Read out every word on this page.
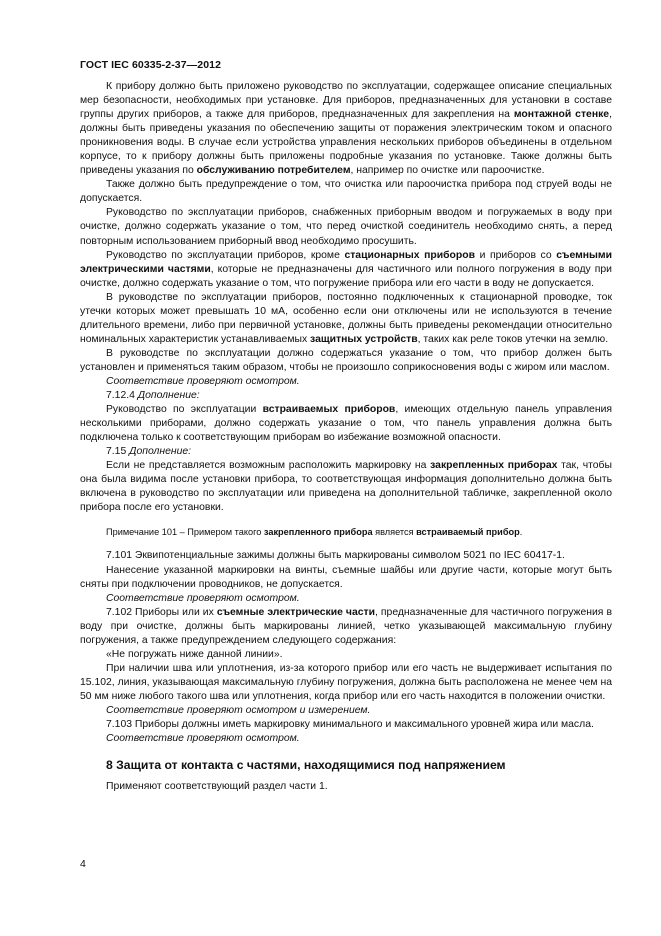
ГОСТ IEC 60335-2-37—2012

К прибору должно быть приложено руководство по эксплуатации, содержащее описание специальных мер безопасности, необходимых при установке. Для приборов, предназначенных для установки в составе группы других приборов, а также для приборов, предназначенных для закрепления на монтажной стенке, должны быть приведены указания по обеспечению защиты от поражения электрическим током и опасного проникновения воды. В случае если устройства управления нескольких приборов объединены в отдельном корпусе, то к прибору должны быть приложены подробные указания по установке. Также должны быть приведены указания по обслуживанию потребителем, например по очистке или пароочистке.

Также должно быть предупреждение о том, что очистка или пароочистка прибора под струей воды не допускается.

Руководство по эксплуатации приборов, снабженных приборным вводом и погружаемых в воду при очистке, должно содержать указание о том, что перед очисткой соединитель необходимо снять, а перед повторным использованием приборный ввод необходимо просушить.

Руководство по эксплуатации приборов, кроме стационарных приборов и приборов со съемными электрическими частями, которые не предназначены для частичного или полного погружения в воду при очистке, должно содержать указание о том, что погружение прибора или его части в воду не допускается.

В руководстве по эксплуатации приборов, постоянно подключенных к стационарной проводке, ток утечки которых может превышать 10 мА, особенно если они отключены или не используются в течение длительного времени, либо при первичной установке, должны быть приведены рекомендации относительно номинальных характеристик устанавливаемых защитных устройств, таких как реле токов утечки на землю.

В руководстве по эксплуатации должно содержаться указание о том, что прибор должен быть установлен и применяться таким образом, чтобы не произошло соприкосновения воды с жиром или маслом.

Соответствие проверяют осмотром.

7.12.4 Дополнение:

Руководство по эксплуатации встраиваемых приборов, имеющих отдельную панель управления несколькими приборами, должно содержать указание о том, что панель управления должна быть подключена только к соответствующим приборам во избежание возможной опасности.

7.15 Дополнение:

Если не представляется возможным расположить маркировку на закрепленных приборах так, чтобы она была видима после установки прибора, то соответствующая информация дополнительно должна быть включена в руководство по эксплуатации или приведена на дополнительной табличке, закрепленной около прибора после его установки.

Примечание 101 – Примером такого закрепленного прибора является встраиваемый прибор.

7.101 Эквипотенциальные зажимы должны быть маркированы символом 5021 по IEC 60417-1.

Нанесение указанной маркировки на винты, съемные шайбы или другие части, которые могут быть сняты при подключении проводников, не допускается.

Соответствие проверяют осмотром.

7.102 Приборы или их съемные электрические части, предназначенные для частичного погружения в воду при очистке, должны быть маркированы линией, четко указывающей максимальную глубину погружения, а также предупреждением следующего содержания:

«Не погружать ниже данной линии».

При наличии шва или уплотнения, из-за которого прибор или его часть не выдерживает испытания по 15.102, линия, указывающая максимальную глубину погружения, должна быть расположена не менее чем на 50 мм ниже любого такого шва или уплотнения, когда прибор или его часть находится в положении очистки.

Соответствие проверяют осмотром и измерением.

7.103 Приборы должны иметь маркировку минимального и максимального уровней жира или масла.

Соответствие проверяют осмотром.

8 Защита от контакта с частями, находящимися под напряжением

Применяют соответствующий раздел части 1.

4
